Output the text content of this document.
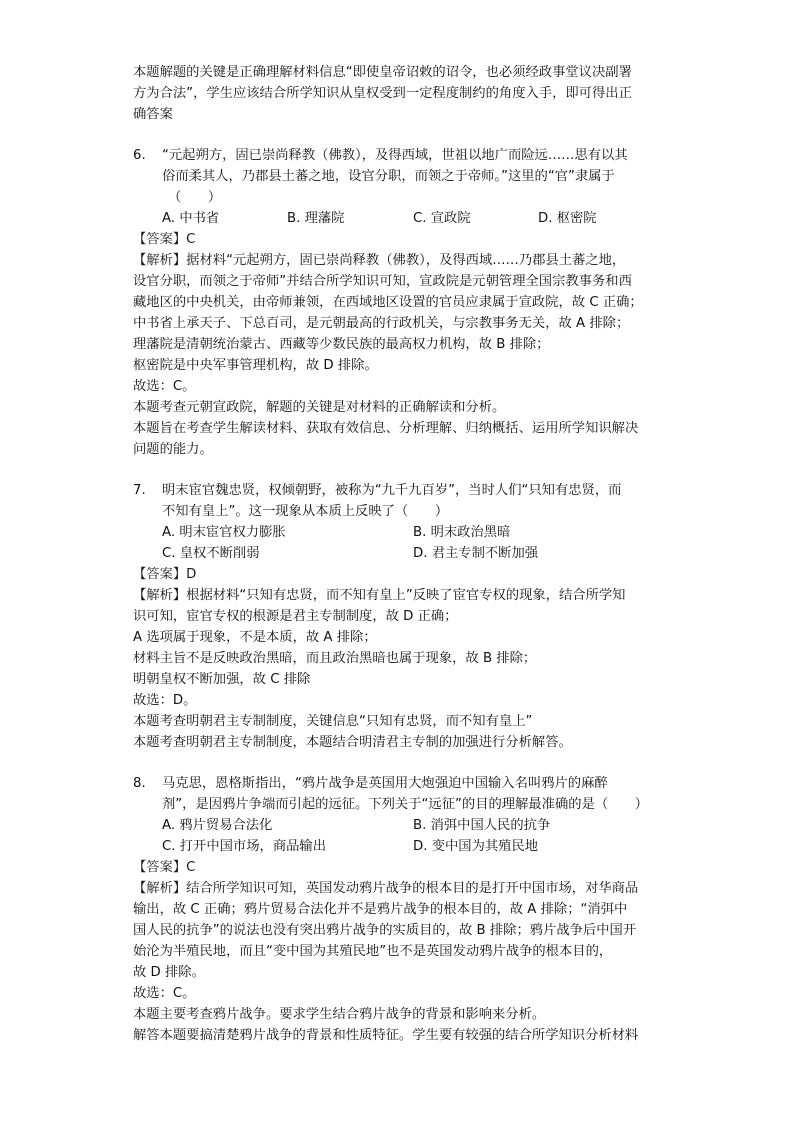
本题解题的关键是正确理解材料信息“即使皇帝诏敕的诏令，也必须经政事堂议决副署
方为合法”，学生应该结合所学知识从皇权受到一定程度制约的角度入手，即可得出正
确答案
6. “元起朔方，固已崇尚释教（佛教），及得西域，世祖以地广而险远……思有以其
俗而柔其人，乃郡县土蕃之地，设官分职，而领之于帝师。”这里的“官”隶属于
（　　）
A. 中书省	B. 理藩院	C. 宣政院	D. 枢密院
【答案】C
【解析】据材料“元起朔方，固已崇尚释教（佛教），及得西域……乃郡县土蕃之地，
设官分职，而领之于帝师”并结合所学知识可知，宣政院是元朝管理全国宗教事务和西
藏地区的中央机关，由帝师兼领，在西域地区设置的官员应隶属于宣政院，故 C 正确；
中书省上承天子、下总百司，是元朝最高的行政机关，与宗教事务无关，故 A 排除；
理藩院是清朝统治蒙古、西藏等少数民族的最高权力机构，故 B 排除；
枢密院是中央军事管理机构，故 D 排除。
故选：C。
本题考查元朝宣政院，解题的关键是对材料的正确解读和分析。
本题旨在考查学生解读材料、获取有效信息、分析理解、归纳概括、运用所学知识解决
问题的能力。
7. 明末宦官魏忠贤，权倾朝野，被称为“九千九百岁”，当时人们“只知有忠贤，而
不知有皇上”。这一现象从本质上反映了（　　）
A. 明末宦官权力膨胀	B. 明末政治黑暗
C. 皇权不断削弱	D. 君主专制不断加强
【答案】D
【解析】根据材料“只知有忠贤，而不知有皇上”反映了宦官专权的现象，结合所学知
识可知，宦官专权的根源是君主专制制度，故 D 正确；
A 选项属于现象，不是本质，故 A 排除；
材料主旨不是反映政治黑暗，而且政治黑暗也属于现象，故 B 排除；
明朝皇权不断加强，故 C 排除
故选：D。
本题考查明朝君主专制制度，关键信息“只知有忠贤，而不知有皇上”
本题考查明朝君主专制制度，本题结合明清君主专制的加强进行分析解答。
8. 马克思，恩格斯指出，“鸦片战争是英国用大炮强迫中国输入名叫鸦片的麻醉
剂”，是因鸦片争端而引起的远征。下列关于“远征”的目的理解最准确的是（　　）
A. 鸦片贸易合法化	B. 消弭中国人民的抗争
C. 打开中国市场，商品输出	D. 变中国为其殖民地
【答案】C
【解析】结合所学知识可知，英国发动鸦片战争的根本目的是打开中国市场，对华商品
输出，故 C 正确；鸦片贸易合法化并不是鸦片战争的根本目的，故 A 排除；“消弭中
国人民的抗争”的说法也没有突出鸦片战争的实质目的，故 B 排除；鸦片战争后中国开
始沦为半殖民地，而且“变中国为其殖民地”也不是英国发动鸦片战争的根本目的，
故 D 排除。
故选：C。
本题主要考查鸦片战争。要求学生结合鸦片战争的背景和影响来分析。
解答本题要搞清楚鸦片战争的背景和性质特征。学生要有较强的结合所学知识分析材料
